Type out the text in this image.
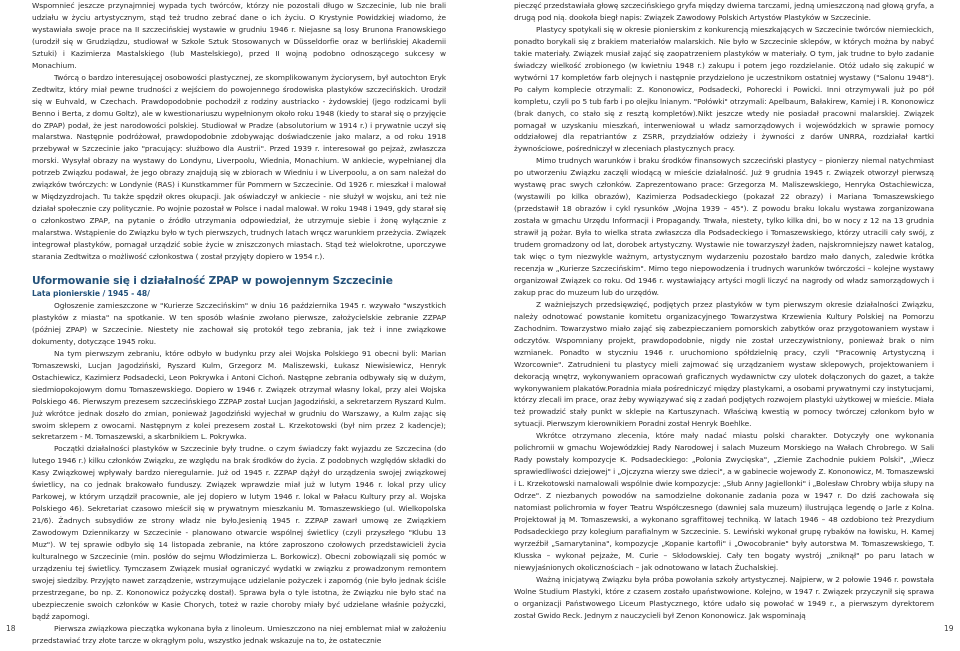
Wspomnieć jeszcze przynajmniej wypada tych twórców, którzy nie pozostali długo w Szczecinie, lub nie brali udziału w życiu artystycznym, stąd też trudno zebrać dane o ich życiu. O Krystynie Powidzkiej wiadomo, że wystawiała swoje prace na II szczecińskiej wystawie w grudniu 1946 r. Niejasne są losy Brunona Franowskiego (urodził się w Grudziądzu, studiował w Szkole Sztuk Stosowanych w Düsseldorfie oraz w berlińskiej Akademii Sztuki) i Kazimierza Mastalskiego (lub Mastelskiego), przed II wojną podobno odnoszącego sukcesy w Monachium.

Twórcą o bardzo interesującej osobowości plastycznej, ze skomplikowanym życiorysem, był autochton Eryk Zedtwitz, który miał pewne trudności z wejściem do powojennego środowiska plastyków szczecińskich. Urodził się w Euhvald, w Czechach. Prawdopodobnie pochodził z rodziny austriacko - żydowskiej (jego rodzicami byli Benno i Berta, z domu Goltz), ale w kwestionariuszu wypełnionym około roku 1948 (kiedy to starał się o przyjęcie do ZPAP) podał, że jest narodowości polskiej. Studiował w Pradze (absolutorium w 1914 r.) i prywatnie uczył się malarstwa. Następnie podróżował, prawdopodobnie zdobywając doświadczenie jako malarz, a od roku 1918 przebywał w Szczecinie jako "pracujący: służbowo dla Austrii". Przed 1939 r. interesował go pejzaż, zwłaszcza morski. Wysyłał obrazy na wystawy do Londynu, Liverpoolu, Wiednia, Monachium. W ankiecie, wypełnianej dla potrzeb Związku podawał, że jego obrazy znajdują się w zbiorach w Wiedniu i w Liverpoolu, a on sam należał do związków twórczych: w Londynie (RAS) i Kunstkammer für Pommern w Szczecinie. Od 1926 r. mieszkał i malował w Międzyzdrojach. Tu także spędził okres okupacji. Jak oświadczył w ankiecie - nie służył w wojsku, ani też nie działał społecznie czy politycznie. Po wojnie pozostał w Polsce i nadal malował. W roku 1948 i 1949, gdy starał się o członkostwo ZPAP, na pytanie o źródło utrzymania odpowiedział, że utrzymuje siebie i żonę wyłącznie z malarstwa. Wstąpienie do Związku było w tych pierwszych, trudnych latach wręcz warunkiem przeżycia. Związek integrował plastyków, pomagał urządzić sobie życie w zniszczonych miastach. Stąd też wielokrotne, uporczywe starania Zedtwitza o możliwość członkostwa ( został przyjęty dopiero w 1954 r.).

Uformowanie się i działalność ZPAP w powojennym Szczecinie
Lata pionierskie / 1945 - 48/

Ogłoszenie zamieszczone w "Kurierze Szczecińskim" w dniu 16 października 1945 r. wzywało "wszystkich plastyków z miasta" na spotkanie. W ten sposób właśnie zwołano pierwsze, założycielskie zebranie ZZPAP (później ZPAP) w Szczecinie. Niestety nie zachował się protokół tego zebrania, jak też i inne związkowe dokumenty, dotyczące 1945 roku.

Na tym pierwszym zebraniu, które odbyło w budynku przy alei Wojska Polskiego 91 obecni byli: Marian Tomaszewski, Lucjan Jagodziński, Ryszard Kulm, Grzegorz M. Maliszewski, Łukasz Niewisiewicz, Henryk Ostachiewicz, Kazimierz Podsadecki, Leon Pokrywka i Antoni Cichoń. Następne zebrania odbywały się w dużym, siedmiopokojowym domu Tomaszewskiego. Dopiero w 1946 r. Związek otrzymał własny lokal, przy alei Wojska Polskiego 46. Pierwszym prezesem szczecińskiego ZZPAP został Lucjan Jagodziński, a sekretarzem Ryszard Kulm. Już wkrótce jednak doszło do zmian, ponieważ Jagodziński wyjechał w grudniu do Warszawy, a Kulm zając się swoim sklepem z owocami. Następnym z kolei prezesem został L. Krzekotowski (był nim przez 2 kadencje); sekretarzem - M. Tomaszewski, a skarbnikiem L. Pokrywka.

Początki działalności plastyków w Szczecinie były trudne. o czym świadczy fakt wyjazdu ze Szczecina (do lutego 1946 r.) kilku członków Związku, ze względu na brak środków do życia. Z podobnych względów składki do Kasy Związkowej wpływały bardzo nieregularnie. Już od 1945 r. ZZPAP dążył do urządzenia swojej związkowej świetlicy, na co jednak brakowało funduszy. Związek wprawdzie miał już w lutym 1946 r. lokal przy ulicy Parkowej, w którym urządził pracownie, ale jej dopiero w lutym 1946 r. lokal w Pałacu Kultury przy al. Wojska Polskiego 46). Sekretariat czasowo mieścił się w prywatnym mieszkaniu M. Tomaszewskiego (ul. Wielkopolska 21/6). Żadnych subsydiów ze strony władz nie było.Jesienią 1945 r. ZZPAP zawarł umowę ze Związkiem Zawodowym Dziennikarzy w Szczecinie - planowano otwarcie wspólnej świetlicy (czyli przyszłego "Klubu 13 Muz"). W tej sprawie odbyło się 14 listopada zebranie, na które zaproszono czołowych przedstawicieli życia kulturalnego w Szczecinie (min. posłów do sejmu Włodzimierza L. Borkowicz). Obecni zobowiązali się pomóc w urządzeniu tej świetlicy. Tymczasem Związek musiał ograniczyć wydatki w związku z prowadzonym remontem swojej siedziby. Przyjęto nawet zarządzenie, wstrzymujące udzielanie pożyczek i zapomóg (nie było jednak ściśle przestrzegane, bo np. Z. Kononowicz pożyczkę dostał). Sprawa była o tyle istotna, że Związku nie było stać na ubezpieczenie swoich członków w Kasie Chorych, toteż w razie choroby miały być udzielane właśnie pożyczki, bądź zapomogi.

Pierwsza związkowa pieczątka wykonana była z linoleum. Umieszczono na niej emblemat miał w założeniu przedstawiać trzy złote tarcze w okrągłym polu, wszystko jednak wskazuje na to, że ostatecznie

pieczęć przedstawiała głowę szczecińskiego gryfa między dwiema tarczami, jedną umieszczoną nad głową gryfa, a drugą pod nią. dookoła biegł napis: Związek Zawodowy Polskich Artystów Plastyków w Szczecinie.

Plastycy spotykali się w okresie pionierskim z konkurencją mieszkających w Szczecinie twórców niemieckich, ponadto borykali się z brakiem materiałów malarskich. Nie było w Szczecinie sklepów, w których można by nabyć takie materiały. Związek musiał zająć się zaopatrzeniem plastyków w materiały. O tym, jak trudne to było zadanie świadczy wielkość zrobionego (w kwietniu 1948 r.) zakupu i potem jego rozdzielanie. Otóż udało się zakupić w wytwórni 17 kompletów farb olejnych i następnie przydzielono je uczestnikom ostatniej wystawy ("Salonu 1948"). Po całym komplecie otrzymali: Z. Kononowicz, Podsadecki, Pohorecki i Powicki. Inni otrzymywali już po pół kompletu, czyli po 5 tub farb i po olejku lnianym. "Połówki" otrzymali: Apelbaum, Bałakirew, Kamiej i R. Kononowicz (brak danych, co stało się z resztą kompletów).Nikt jeszcze wtedy nie posiadał pracowni malarskiej. Związek pomagał w uzyskaniu mieszkań, interweniował u władz samorządowych i wojewódzkich w sprawie pomocy oddziałowej dla repatriantów z ZSRR, przydziałów odzieży i żywności z darów UNRRA, rozdziałał kartki żywnościowe, pośredniczył w zleceniach plastycznych pracy.

Mimo trudnych warunków i braku środków finansowych szczeciński plastycy – pionierzy niemal natychmiast po utworzeniu Związku zaczęli wiodącą w mieście działalność. Już 9 grudnia 1945 r. Związek otworzył pierwszą wystawę prac swych członków. Zaprezentowano prace: Grzegorza M. Maliszewskiego, Henryka Ostachiewicza, (wystawili po kilka obrazów), Kazimierza Podsadeckiego (pokazał 22 obrazy) i Mariana Tomaszewskiego (przedstawił 18 obrazów i cykl rysunków „Wojna 1939 – 45"). Z powodu braku lokalu wystawa zorganizowana została w gmachu Urzędu Informacji i Propagandy. Trwała, niestety, tylko kilka dni, bo w nocy z 12 na 13 grudnia strawił ją pożar. Była to wielka strata zwłaszcza dla Podsadeckiego i Tomaszewskiego, którzy utracili cały swój, z trudem gromadzony od lat, dorobek artystyczny. Wystawie nie towarzyszył żaden, najskromniejszy nawet katalog, tak więc o tym niezwykle ważnym, artystycznym wydarzeniu pozostało bardzo mało danych, zaledwie krótka recenzja w „Kurierze Szczecińskim". Mimo tego niepowodzenia i trudnych warunków twórczości – kolejne wystawy organizował Związek co roku. Od 1946 r. wystawiający artyści mogli liczyć na nagrody od władz samorządowych i zakup prac do muzeum lub do urzędów.

Z ważniejszych przedsięwzięć, podjętych przez plastyków w tym pierwszym okresie działalności Związku, należy odnotować powstanie komitetu organizacyjnego Towarzystwa Krzewienia Kultury Polskiej na Pomorzu Zachodnim. Towarzystwo miało zająć się zabezpieczaniem pomorskich zabytków oraz przygotowaniem wystaw i odczytów. Wspomniany projekt, prawdopodobnie, nigdy nie został urzeczywistniony, ponieważ brak o nim wzmianek. Ponadto w styczniu 1946 r. uruchomiono spółdzielnię pracy, czyli "Pracownię Artystyczną i Wzorcownie". Zatrudnieni tu plastycy mieli zajmować się urządzaniem wystaw sklepowych, projektowaniem i dekoracją wnętrz, wykonywaniem opracowań graficznych wydawnictw czy ulotek dołączonych do gazet, a także wykonywaniem plakatów.Poradnia miała pośredniczyć między plastykami, a osobami prywatnymi czy instytucjami, którzy zlecali im prace, oraz żeby wywiązywać się z zadań podjętych rozwojem plastyki użytkowej w mieście. Miała też prowadzić stały punkt w sklepie na Kartuszynach. Właściwą kwestią w pomocy twórczej członkom było w sytuacji. Pierwszym kierownikiem Poradni został Henryk Boehlke.

Wkrótce otrzymano zlecenia, które mały nadać miastu polski charakter. Dotyczyły one wykonania polichromii w gmachu Wojewódzkiej Rady Narodowej i salach Muzeum Morskiego na Wałach Chrobrego. W Sali Rady powstały kompozycje K. Podsadeckiego: „Polonia Zwycięska", „Ziemie Zachodnie pukiem Polski", „Wiecz sprawiedliwości dziejowej" i „Ojczyzna wierzy swe dzieci", a w gabinecie wojewody Z. Kononowicz, M. Tomaszewski i L. Krzekotowski namalowali wspólnie dwie kompozycje: „Słub Anny Jagiellonki" i „Bolesław Chrobry wbija słupy na Odrze". Z niezbanych powodów na samodzielne dokonanie zadania poza w 1947 r. Do dziś zachowała się natomiast polichromia w foyer Teatru Współczesnego (dawniej sala muzeum) ilustrująca legendę o Jarle z Kolna. Projektował ją M. Tomaszewski, a wykonano sgraffitowej techniką. W latach 1946 – 48 ozdobiono też Prezydium Podsadeckiego przy kolegium parafialnym w Szczecinie. S. Lewiński wykonał grupę rybaków na łowisku, H. Kamej wyrzeźbił „Samarytanina", kompozycje „Kopanie kartofli" i „Owocobranie" były autorstwa M. Tomaszewskiego, T. Klusska – wykonał pejzaże, M. Curie – Skłodowskiej. Cały ten bogaty wystrój „zniknął" po paru latach w niewyjaśnionych okolicznościach – jak odnotowano w latach Żuchalskiej.

Ważną inicjatywą Związku była próba powołania szkoły artystycznej. Najpierw, w 2 połowie 1946 r. powstała Wolne Studium Plastyki, które z czasem zostało upaństwowione. Kolejno, w 1947 r. Związek przyczynił się sprawa o organizacji Państwowego Liceum Plastycznego, które udało się powołać w 1949 r., a pierwszym dyrektorem został Gwido Reck. Jednym z nauczycieli był Zenon Kononowicz. Jak wspominają

18	19
